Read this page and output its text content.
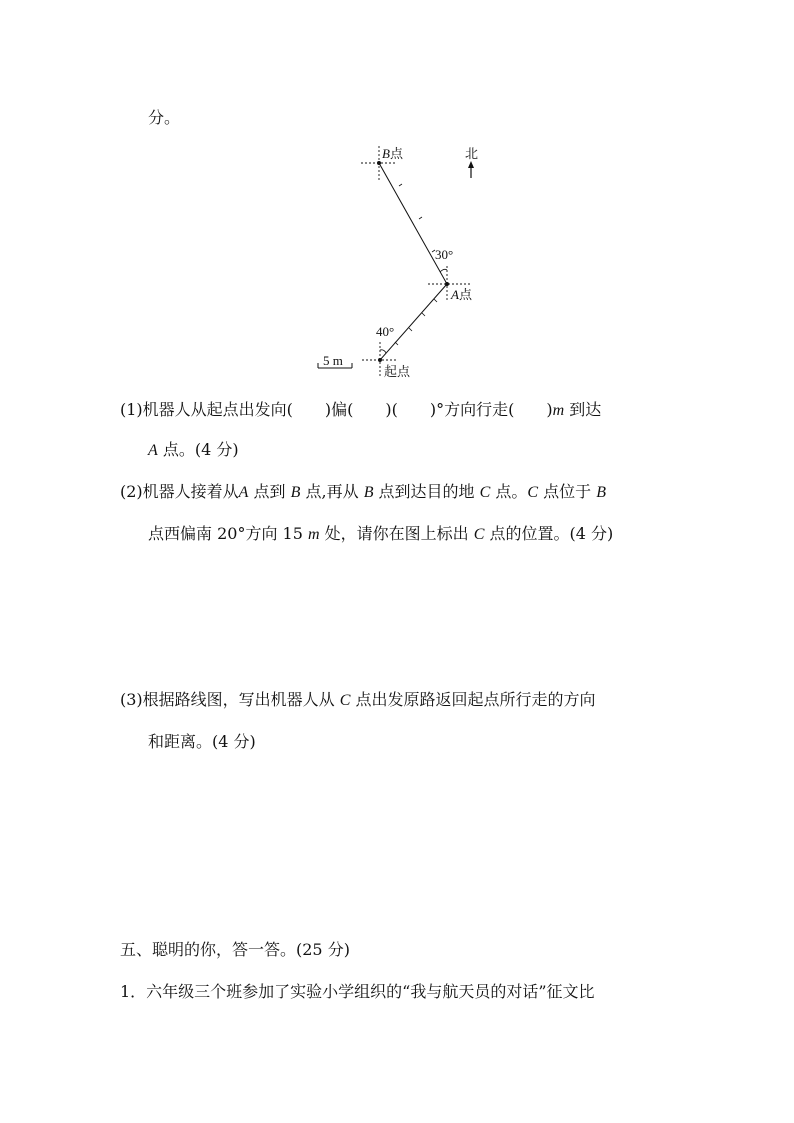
分。
北
B点
A点
起点
30°
40°
5 m
(1)机器人从起点出发向(　　)偏(　　)(　　)°方向行走(　　)m 到达
A 点。(4 分)
(2)机器人接着从A 点到 B 点,再从 B 点到达目的地 C 点。C 点位于 B
点西偏南 20°方向 15 m 处，请你在图上标出 C 点的位置。(4 分)
(3)根据路线图，写出机器人从 C 点出发原路返回起点所行走的方向
和距离。(4 分)
五、聪明的你，答一答。(25 分)
1．六年级三个班参加了实验小学组织的“我与航天员的对话”征文比
